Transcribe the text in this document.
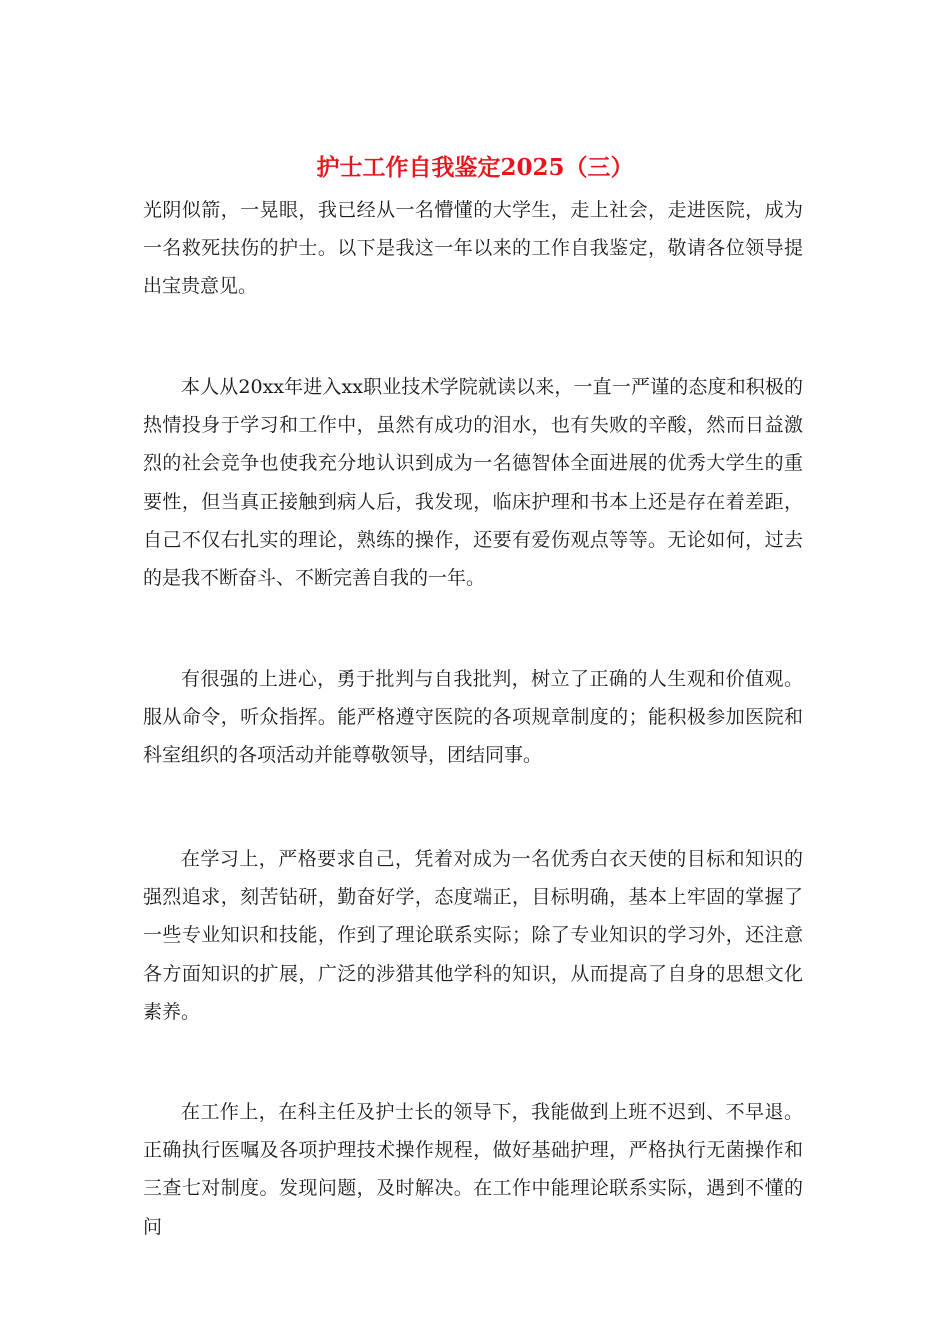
护士工作自我鉴定2025（三）

光阴似箭，一晃眼，我已经从一名懵懂的大学生，走上社会，走进医院，成为一名救死扶伤的护士。以下是我这一年以来的工作自我鉴定，敬请各位领导提出宝贵意见。

本人从20xx年进入xx职业技术学院就读以来，一直一严谨的态度和积极的热情投身于学习和工作中，虽然有成功的泪水，也有失败的辛酸，然而日益激烈的社会竞争也使我充分地认识到成为一名德智体全面进展的优秀大学生的重要性，但当真正接触到病人后，我发现，临床护理和书本上还是存在着差距，自己不仅右扎实的理论，熟练的操作，还要有爱伤观点等等。无论如何，过去的是我不断奋斗、不断完善自我的一年。

有很强的上进心，勇于批判与自我批判，树立了正确的人生观和价值观。服从命令，听众指挥。能严格遵守医院的各项规章制度的；能积极参加医院和科室组织的各项活动并能尊敬领导，团结同事。

在学习上，严格要求自己，凭着对成为一名优秀白衣天使的目标和知识的强烈追求，刻苦钻研，勤奋好学，态度端正，目标明确，基本上牢固的掌握了一些专业知识和技能，作到了理论联系实际；除了专业知识的学习外，还注意各方面知识的扩展，广泛的涉猎其他学科的知识，从而提高了自身的思想文化素养。

在工作上，在科主任及护士长的领导下，我能做到上班不迟到、不早退。正确执行医嘱及各项护理技术操作规程，做好基础护理，严格执行无菌操作和三查七对制度。发现问题，及时解决。在工作中能理论联系实际，遇到不懂的问
